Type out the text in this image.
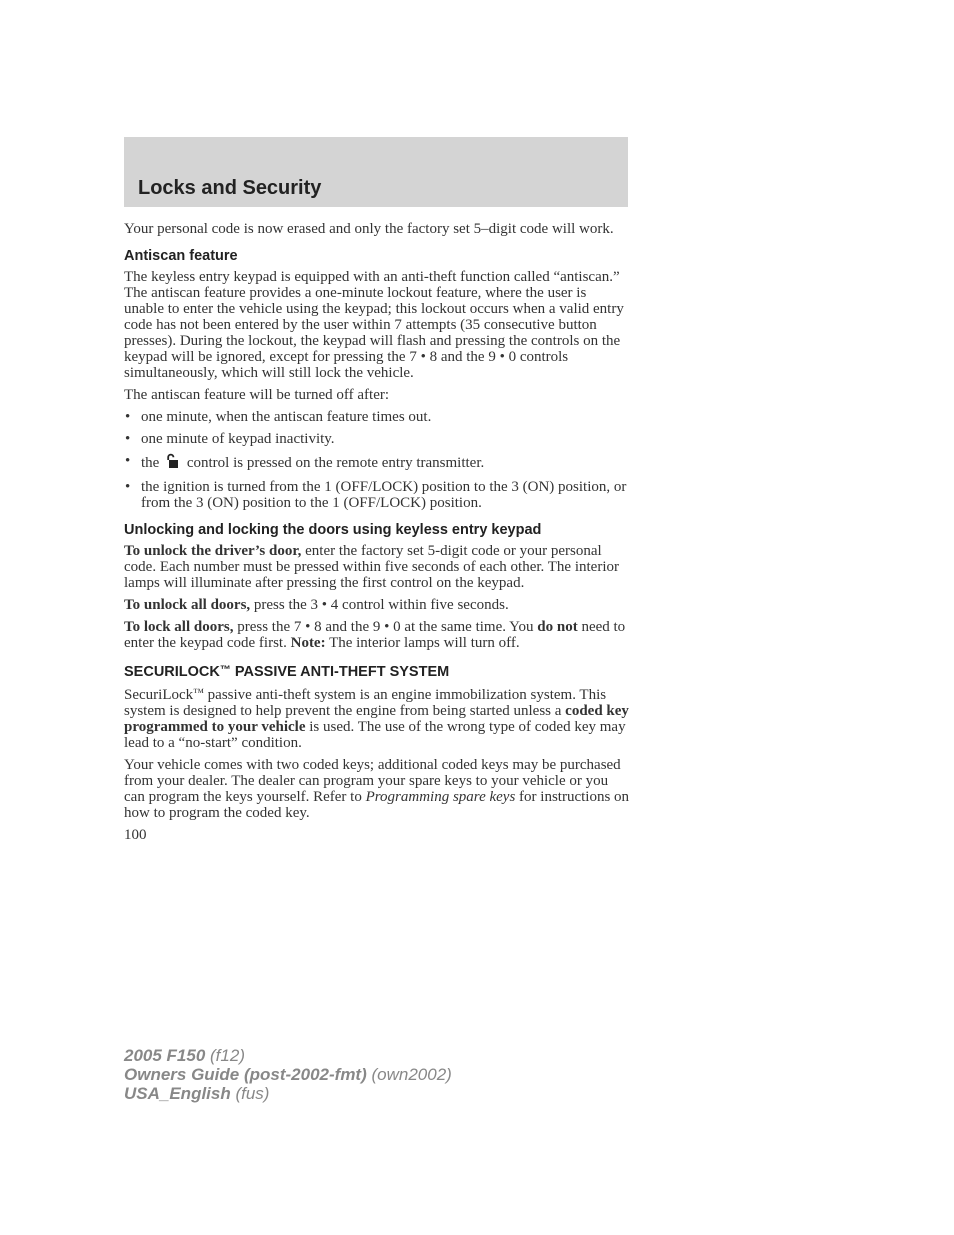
Locks and Security

Your personal code is now erased and only the factory set 5–digit code will work.

Antiscan feature

The keyless entry keypad is equipped with an anti-theft function called “antiscan.” The antiscan feature provides a one-minute lockout feature, where the user is unable to enter the vehicle using the keypad; this lockout occurs when a valid entry code has not been entered by the user within 7 attempts (35 consecutive button presses). During the lockout, the keypad will flash and pressing the controls on the keypad will be ignored, except for pressing the 7 • 8 and the 9 • 0 controls simultaneously, which will still lock the vehicle.

The antiscan feature will be turned off after:

• one minute, when the antiscan feature times out.
• one minute of keypad inactivity.
• the control is pressed on the remote entry transmitter.
• the ignition is turned from the 1 (OFF/LOCK) position to the 3 (ON) position, or from the 3 (ON) position to the 1 (OFF/LOCK) position.
Unlocking and locking the doors using keyless entry keypad

To unlock the driver’s door, enter the factory set 5-digit code or your personal code. Each number must be pressed within five seconds of each other. The interior lamps will illuminate after pressing the first control on the keypad.

To unlock all doors, press the 3 • 4 control within five seconds.

To lock all doors, press the 7 • 8 and the 9 • 0 at the same time. You do not need to enter the keypad code first. Note: The interior lamps will turn off.

SECURILOCK™ PASSIVE ANTI-THEFT SYSTEM

SecuriLock™ passive anti-theft system is an engine immobilization system. This system is designed to help prevent the engine from being started unless a coded key programmed to your vehicle is used. The use of the wrong type of coded key may lead to a “no-start” condition.

Your vehicle comes with two coded keys; additional coded keys may be purchased from your dealer. The dealer can program your spare keys to your vehicle or you can program the keys yourself. Refer to Programming spare keys for instructions on how to program the coded key.

100

2005 F150 (f12)
Owners Guide (post-2002-fmt) (own2002)
USA_English (fus)
